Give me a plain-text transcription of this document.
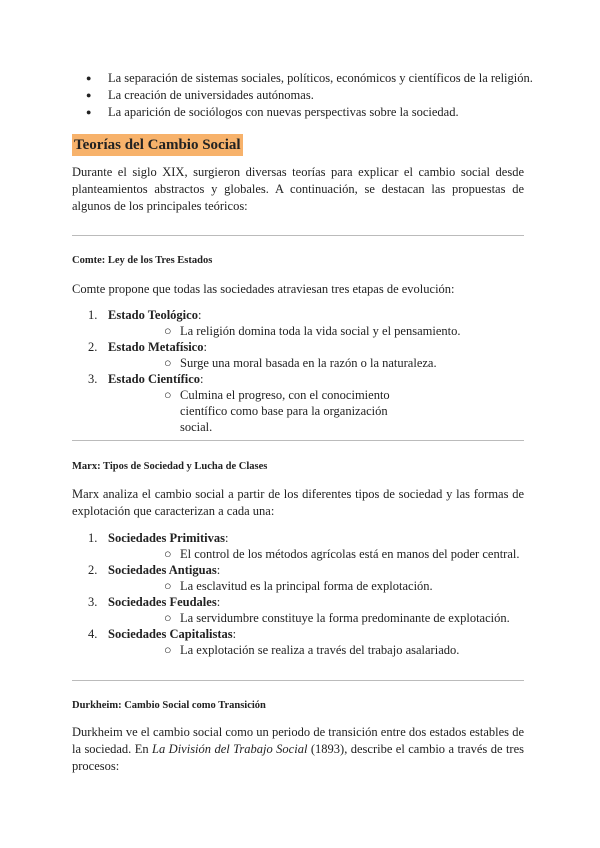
● La separación de sistemas sociales, políticos, económicos y científicos de la religión.
● La creación de universidades autónomas.
● La aparición de sociólogos con nuevas perspectivas sobre la sociedad.
Teorías del Cambio Social

Durante el siglo XIX, surgieron diversas teorías para explicar el cambio social desde planteamientos abstractos y globales. A continuación, se destacan las propuestas de algunos de los principales teóricos:

Comte: Ley de los Tres Estados

Comte propone que todas las sociedades atraviesan tres etapas de evolución:

1. Estado Teológico:
○ La religión domina toda la vida social y el pensamiento.
2. Estado Metafísico:
○ Surge una moral basada en la razón o la naturaleza.
3. Estado Científico:
○ Culmina el progreso, con el conocimiento científico como base para la organización social.
Marx: Tipos de Sociedad y Lucha de Clases

Marx analiza el cambio social a partir de los diferentes tipos de sociedad y las formas de explotación que caracterizan a cada una:

1. Sociedades Primitivas:
○ El control de los métodos agrícolas está en manos del poder central.
2. Sociedades Antiguas:
○ La esclavitud es la principal forma de explotación.
3. Sociedades Feudales:
○ La servidumbre constituye la forma predominante de explotación.
4. Sociedades Capitalistas:
○ La explotación se realiza a través del trabajo asalariado.
Durkheim: Cambio Social como Transición

Durkheim ve el cambio social como un periodo de transición entre dos estados estables de la sociedad. En La División del Trabajo Social (1893), describe el cambio a través de tres procesos:
